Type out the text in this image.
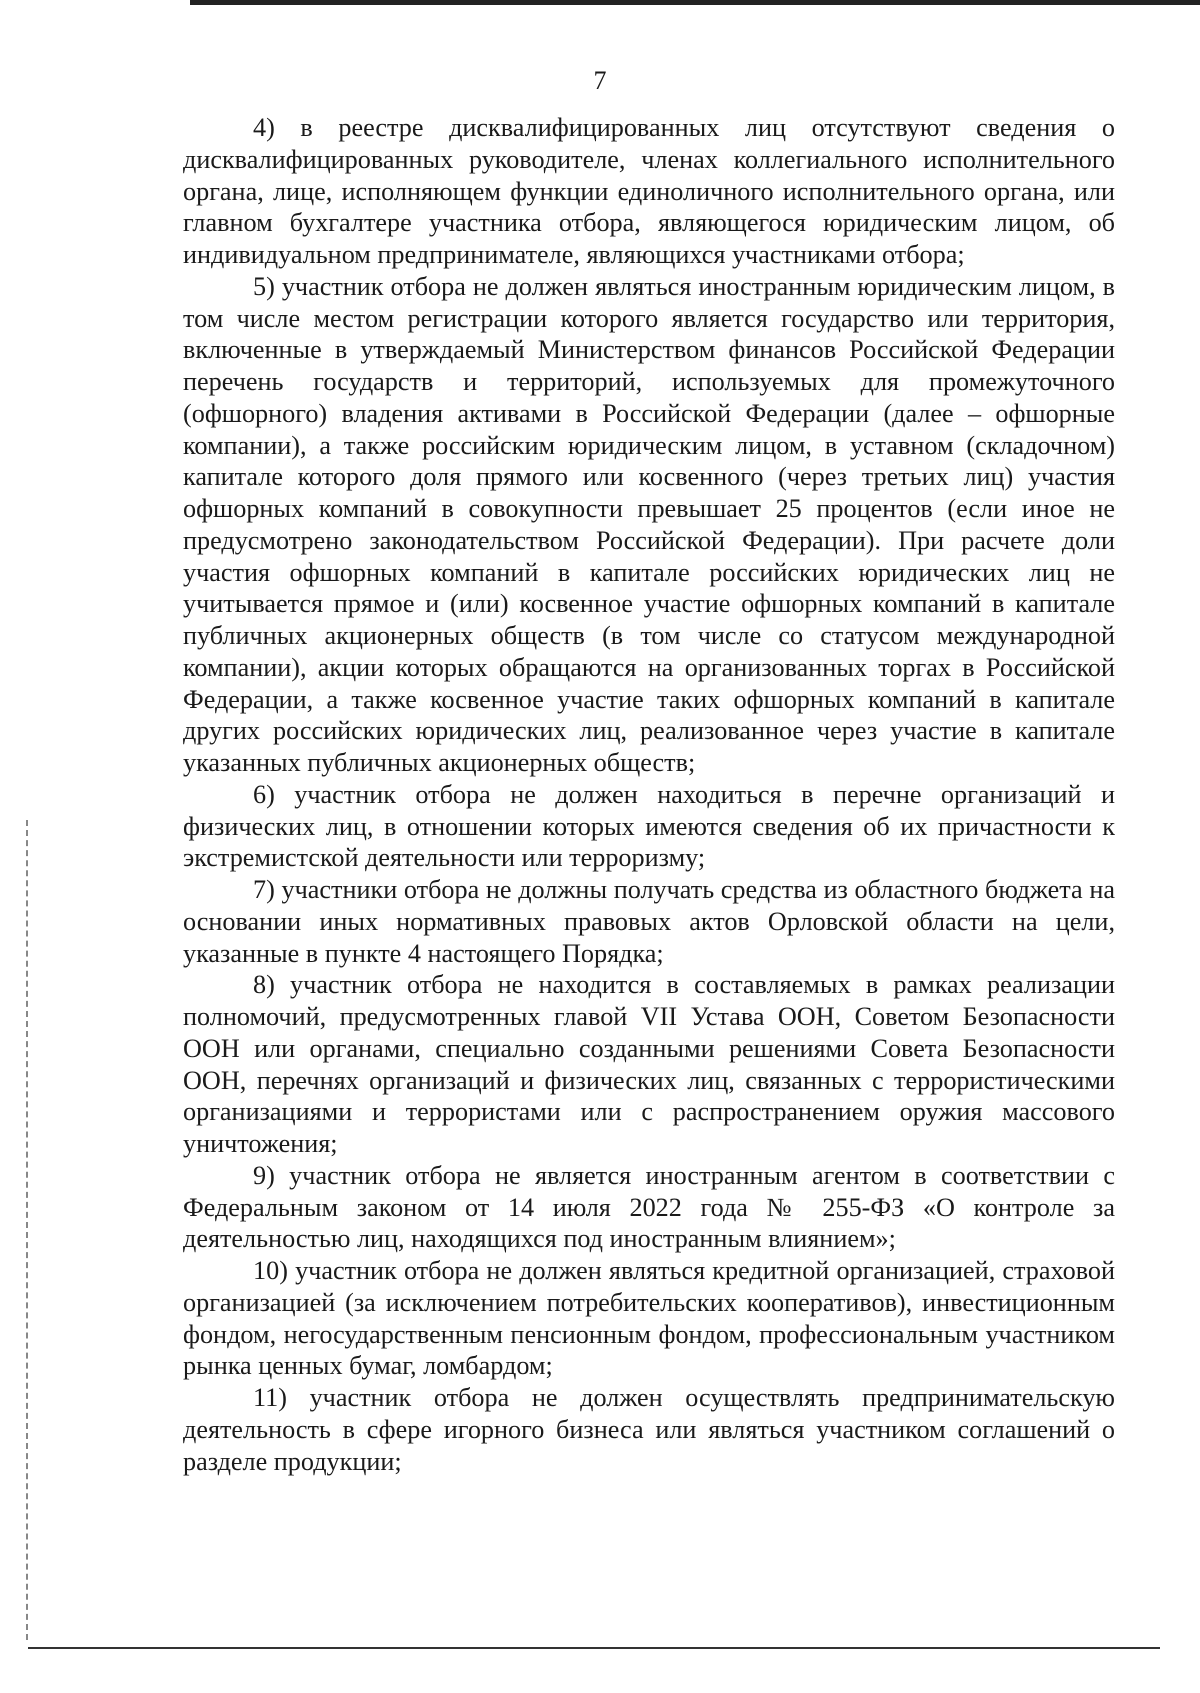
7

4) в реестре дисквалифицированных лиц отсутствуют сведения о дисквалифицированных руководителе, членах коллегиального исполнительного органа, лице, исполняющем функции единоличного исполнительного органа, или главном бухгалтере участника отбора, являющегося юридическим лицом, об индивидуальном предпринимателе, являющихся участниками отбора;

5) участник отбора не должен являться иностранным юридическим лицом, в том числе местом регистрации которого является государство или территория, включенные в утверждаемый Министерством финансов Российской Федерации перечень государств и территорий, используемых для промежуточного (офшорного) владения активами в Российской Федерации (далее – офшорные компании), а также российским юридическим лицом, в уставном (складочном) капитале которого доля прямого или косвенного (через третьих лиц) участия офшорных компаний в совокупности превышает 25 процентов (если иное не предусмотрено законодательством Российской Федерации). При расчете доли участия офшорных компаний в капитале российских юридических лиц не учитывается прямое и (или) косвенное участие офшорных компаний в капитале публичных акционерных обществ (в том числе со статусом международной компании), акции которых обращаются на организованных торгах в Российской Федерации, а также косвенное участие таких офшорных компаний в капитале других российских юридических лиц, реализованное через участие в капитале указанных публичных акционерных обществ;

6) участник отбора не должен находиться в перечне организаций и физических лиц, в отношении которых имеются сведения об их причастности к экстремистской деятельности или терроризму;

7) участники отбора не должны получать средства из областного бюджета на основании иных нормативных правовых актов Орловской области на цели, указанные в пункте 4 настоящего Порядка;

8) участник отбора не находится в составляемых в рамках реализации полномочий, предусмотренных главой VII Устава ООН, Советом Безопасности ООН или органами, специально созданными решениями Совета Безопасности ООН, перечнях организаций и физических лиц, связанных с террористическими организациями и террористами или с распространением оружия массового уничтожения;

9) участник отбора не является иностранным агентом в соответствии с Федеральным законом от 14 июля 2022 года № 255-ФЗ «О контроле за деятельностью лиц, находящихся под иностранным влиянием»;

10) участник отбора не должен являться кредитной организацией, страховой организацией (за исключением потребительских кооперативов), инвестиционным фондом, негосударственным пенсионным фондом, профессиональным участником рынка ценных бумаг, ломбардом;

11) участник отбора не должен осуществлять предпринимательскую деятельность в сфере игорного бизнеса или являться участником соглашений о разделе продукции;
